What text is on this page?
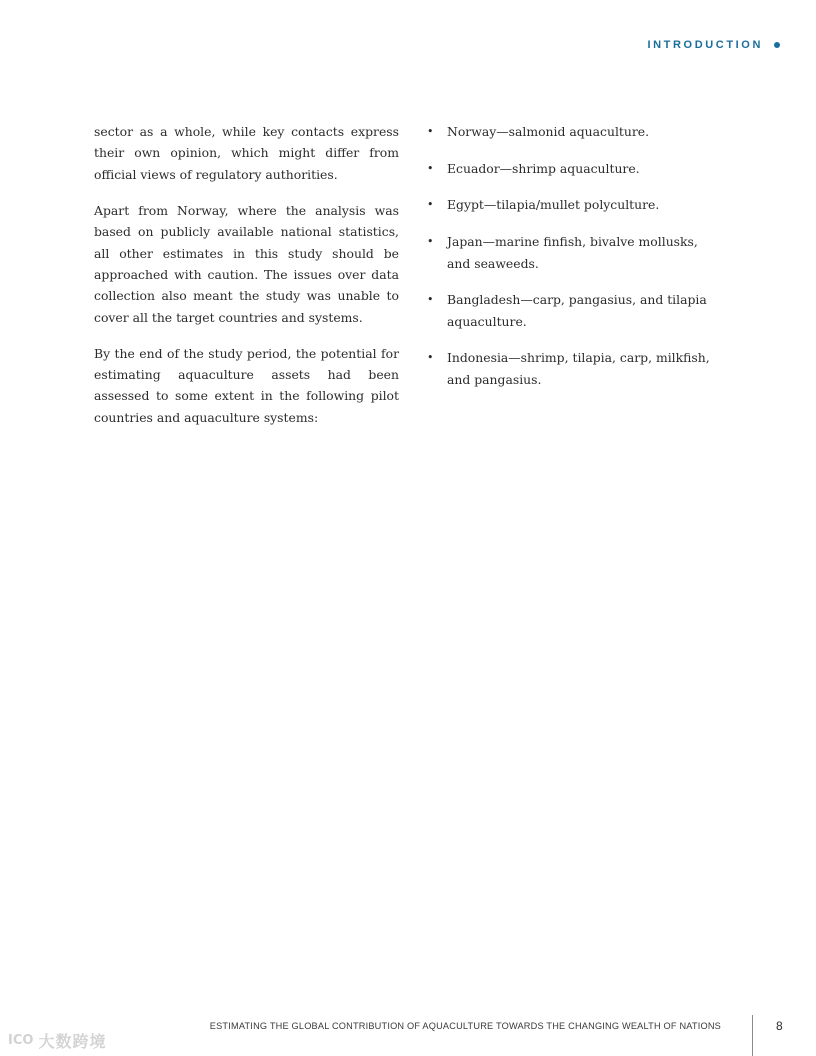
INTRODUCTION

sector as a whole, while key contacts express their own opinion, which might differ from official views of regulatory authorities.

Apart from Norway, where the analysis was based on publicly available national statistics, all other estimates in this study should be approached with caution. The issues over data collection also meant the study was unable to cover all the target countries and systems.

By the end of the study period, the potential for estimating aquaculture assets had been assessed to some extent in the following pilot countries and aquaculture systems:

• Norway—salmonid aquaculture.
• Ecuador—shrimp aquaculture.
• Egypt—tilapia/mullet polyculture.
• Japan—marine finfish, bivalve mollusks, and seaweeds.
• Bangladesh—carp, pangasius, and tilapia aquaculture.
• Indonesia—shrimp, tilapia, carp, milkfish, and pangasius.
ESTIMATING THE GLOBAL CONTRIBUTION OF AQUACULTURE TOWARDS THE CHANGING WEALTH OF NATIONS	8
ICO 大数跨境
